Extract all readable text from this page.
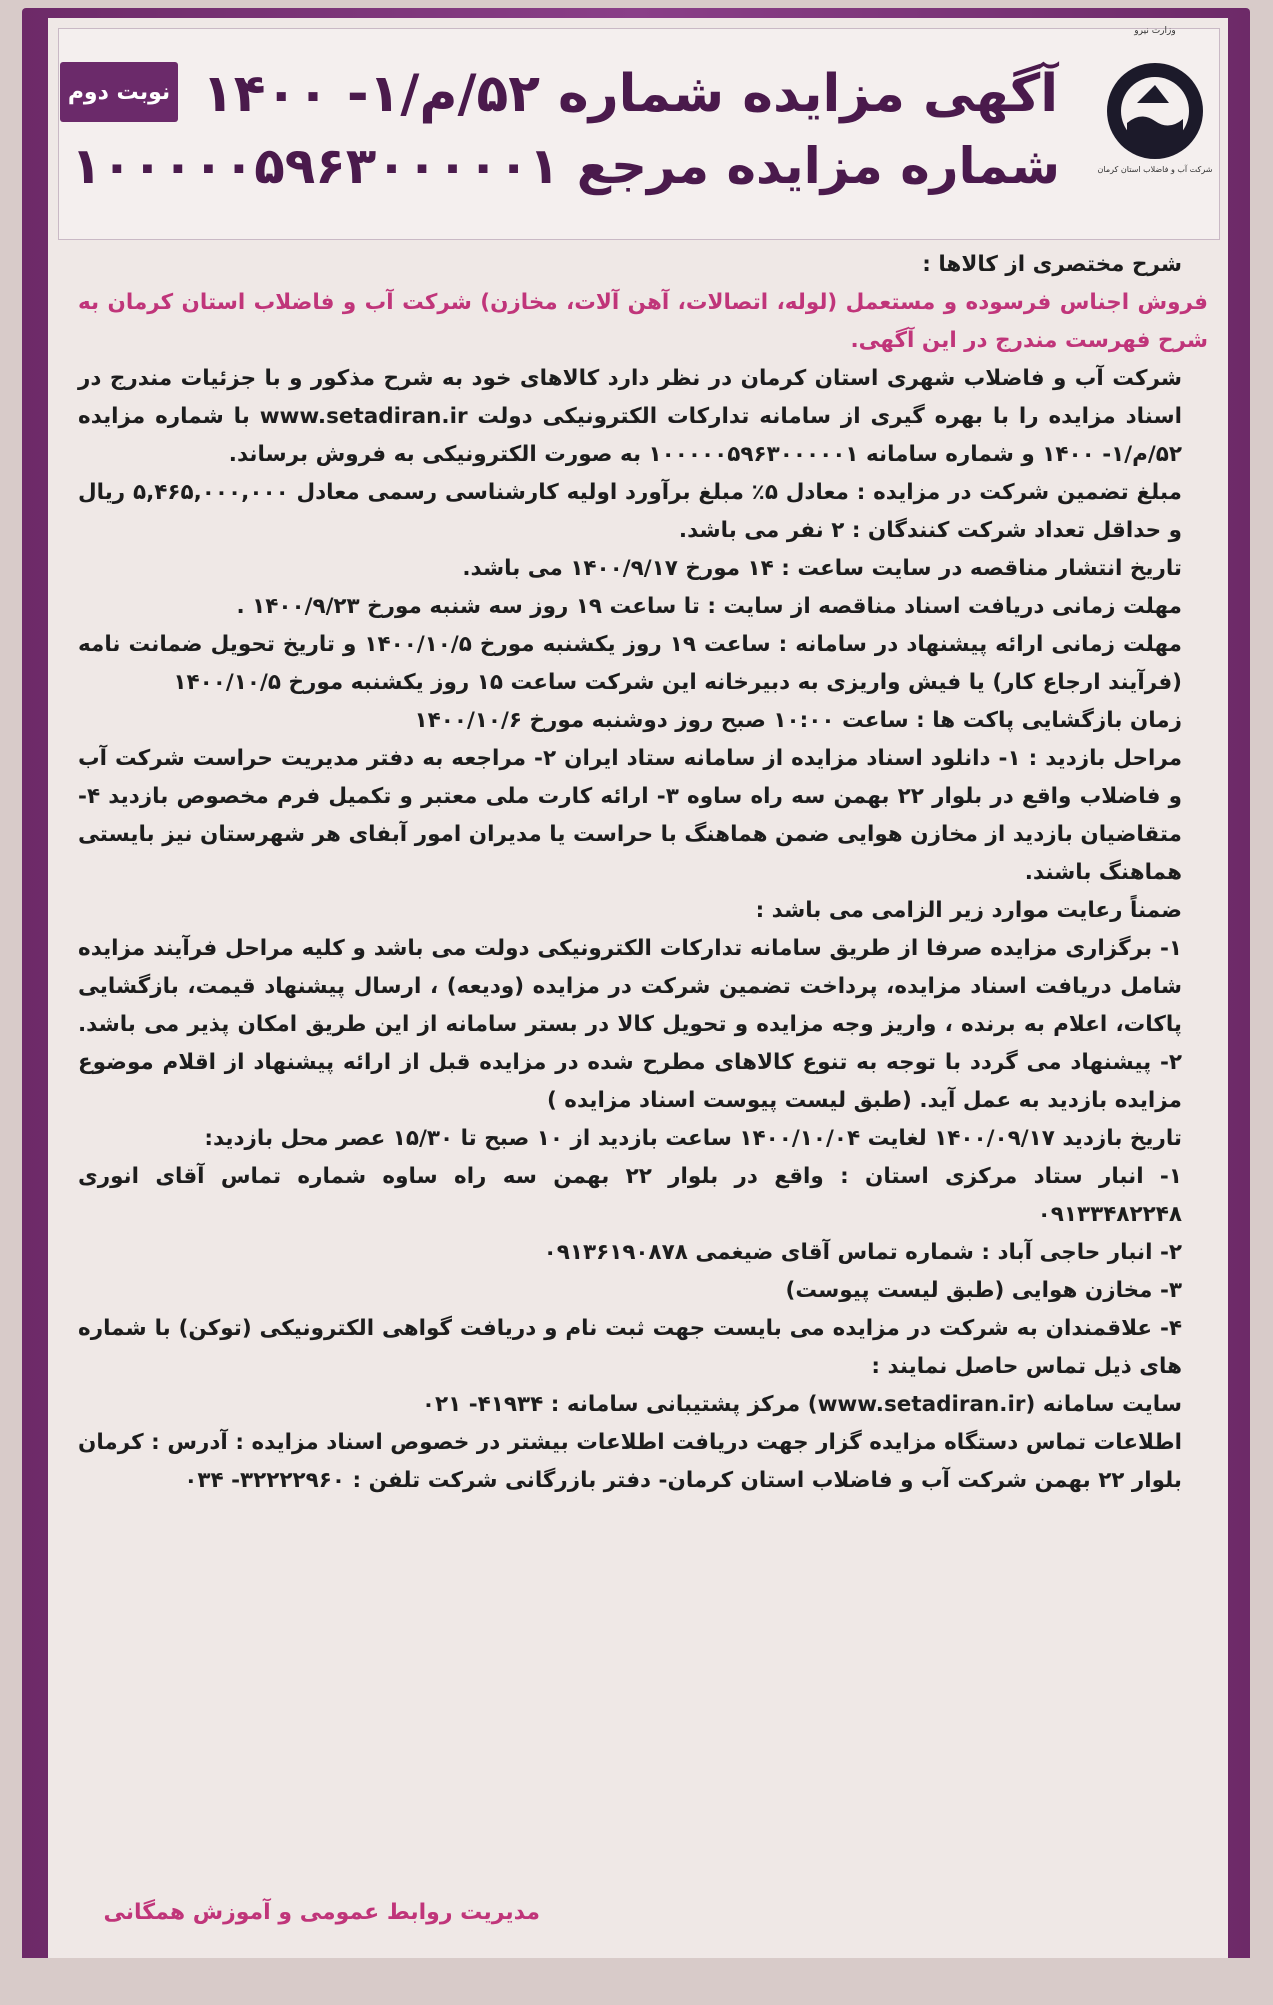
نوبت دوم آگهی مزایده شماره ۵۲/م/۱- ۱۴۰۰
شماره مزایده مرجع ۱۰۰۰۰۰۵۹۶۳۰۰۰۰۰۱
وزارت نیرو
شرکت آب و فاضلاب استان کرمان

شرح مختصری از کالاها :

فروش اجناس فرسوده و مستعمل (لوله، اتصالات، آهن آلات، مخازن) شرکت آب و فاضلاب استان کرمان به شرح فهرست مندرج در این آگهی.

شرکت آب و فاضلاب شهری استان کرمان در نظر دارد کالاهای خود به شرح مذکور و با جزئیات مندرج در اسناد مزایده را با بهره گیری از سامانه تدارکات الکترونیکی دولت www.setadiran.ir با شماره مزایده ۵۲/م/۱- ۱۴۰۰ و شماره سامانه ۱۰۰۰۰۰۵۹۶۳۰۰۰۰۰۱ به صورت الکترونیکی به فروش برساند.

مبلغ تضمین شرکت در مزایده : معادل ۵٪ مبلغ برآورد اولیه کارشناسی رسمی معادل ۵,۴۶۵,۰۰۰,۰۰۰ ریال و حداقل تعداد شرکت کنندگان : ۲ نفر می باشد.

تاریخ انتشار مناقصه در سایت ساعت : ۱۴ مورخ ۱۴۰۰/۹/۱۷ می باشد.

مهلت زمانی دریافت اسناد مناقصه از سایت : تا ساعت ۱۹ روز سه شنبه مورخ ۱۴۰۰/۹/۲۳ .

مهلت زمانی ارائه پیشنهاد در سامانه : ساعت ۱۹ روز یکشنبه مورخ ۱۴۰۰/۱۰/۵ و تاریخ تحویل ضمانت نامه (فرآیند ارجاع کار) یا فیش واریزی به دبیرخانه این شرکت ساعت ۱۵ روز یکشنبه مورخ ۱۴۰۰/۱۰/۵

زمان بازگشایی پاکت ها : ساعت ۱۰:۰۰ صبح روز دوشنبه مورخ ۱۴۰۰/۱۰/۶

مراحل بازدید : ۱- دانلود اسناد مزایده از سامانه ستاد ایران ۲- مراجعه به دفتر مدیریت حراست شرکت آب و فاضلاب واقع در بلوار ۲۲ بهمن سه راه ساوه ۳- ارائه کارت ملی معتبر و تکمیل فرم مخصوص بازدید ۴- متقاضیان بازدید از مخازن هوایی ضمن هماهنگ با حراست یا مدیران امور آبفای هر شهرستان نیز بایستی هماهنگ باشند.

ضمناً رعایت موارد زیر الزامی می باشد :

۱- برگزاری مزایده صرفا از طریق سامانه تدارکات الکترونیکی دولت می باشد و کلیه مراحل فرآیند مزایده شامل دریافت اسناد مزایده، پرداخت تضمین شرکت در مزایده (ودیعه) ، ارسال پیشنهاد قیمت، بازگشایی پاکات، اعلام به برنده ، واریز وجه مزایده و تحویل کالا در بستر سامانه از این طریق امکان پذیر می باشد. ۲- پیشنهاد می گردد با توجه به تنوع کالاهای مطرح شده در مزایده قبل از ارائه پیشنهاد از اقلام موضوع مزایده بازدید به عمل آید. (طبق لیست پیوست اسناد مزایده )

تاریخ بازدید ۱۴۰۰/۰۹/۱۷ لغایت ۱۴۰۰/۱۰/۰۴ ساعت بازدید از ۱۰ صبح تا ۱۵/۳۰ عصر محل بازدید:

۱- انبار ستاد مرکزی استان : واقع در بلوار ۲۲ بهمن سه راه ساوه شماره تماس آقای انوری ۰۹۱۳۳۴۸۲۲۴۸

۲- انبار حاجی آباد : شماره تماس آقای ضیغمی ۰۹۱۳۶۱۹۰۸۷۸

۳- مخازن هوایی (طبق لیست پیوست)

۴- علاقمندان به شرکت در مزایده می بایست جهت ثبت نام و دریافت گواهی الکترونیکی (توکن) با شماره های ذیل تماس حاصل نمایند :

سایت سامانه (www.setadiran.ir) مرکز پشتیبانی سامانه : ۴۱۹۳۴- ۰۲۱

اطلاعات تماس دستگاه مزایده گزار جهت دریافت اطلاعات بیشتر در خصوص اسناد مزایده : آدرس : کرمان بلوار ۲۲ بهمن شرکت آب و فاضلاب استان کرمان- دفتر بازرگانی شرکت تلفن : ۳۲۲۲۲۹۶۰- ۰۳۴

مدیریت روابط عمومی و آموزش همگانی
